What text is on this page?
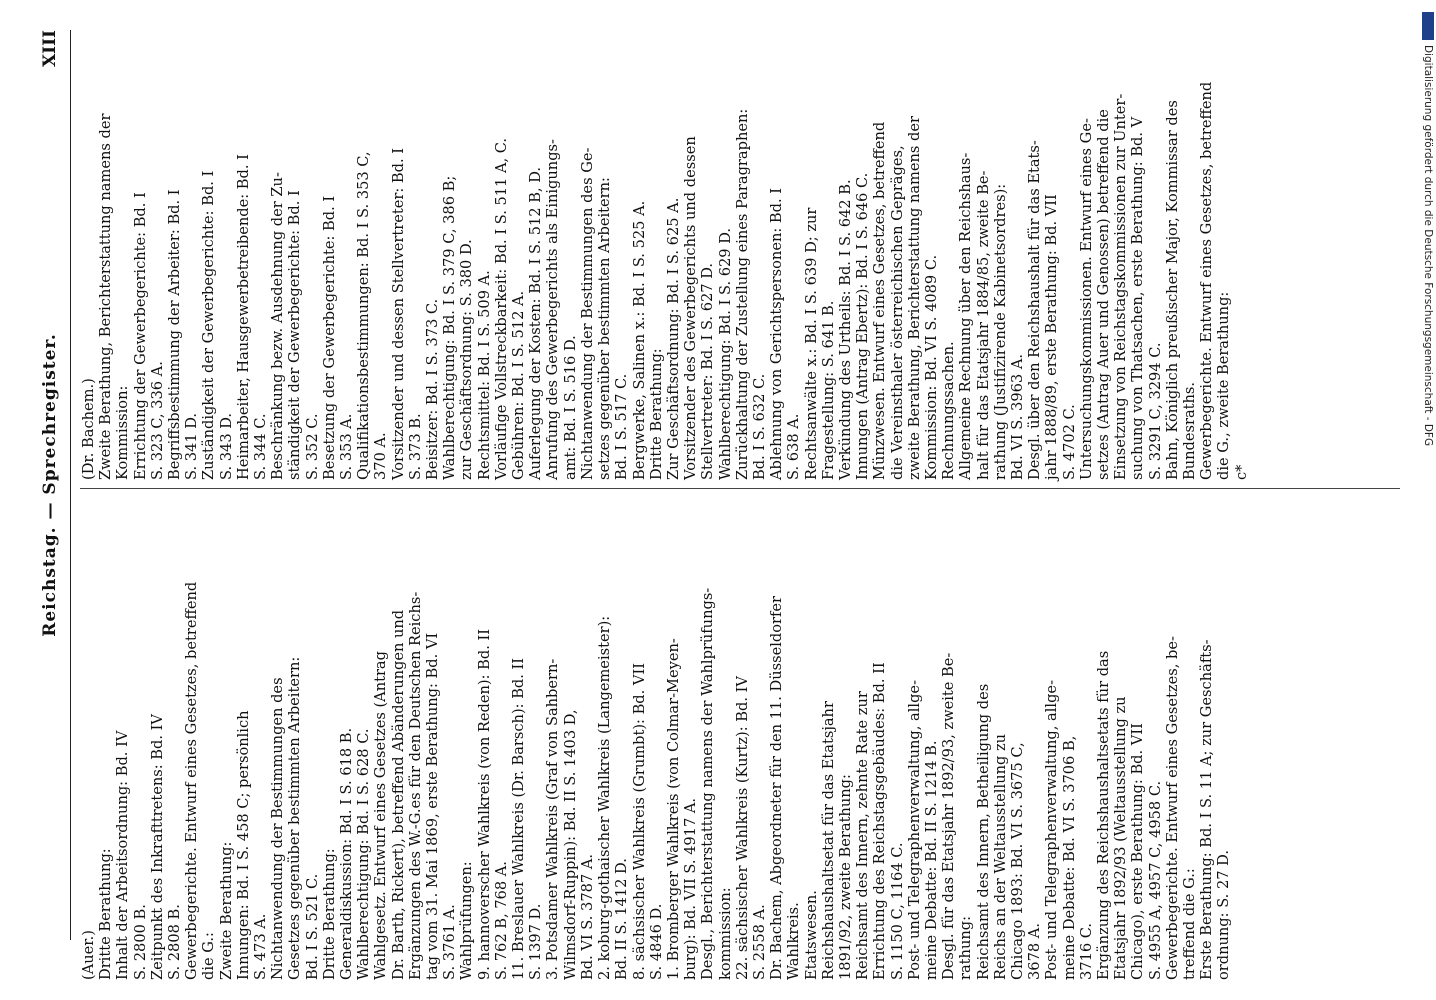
Reichstag. — Sprechregister.
XIII
(Auer.) Dritte Berathung: Inhalt der Arbeitsordnung: Bd. IV S. 2800 B. Zeitpunkt des Inkrafttretens: Bd. IV S. 2808 B. Gewerbegerichte. Entwurf eines Gesetzes, betreffend die G.: Zweite Berathung: Innungen: Bd. I S. 458 C; persönlich S. 473 A. Nichtanwendung der Bestimmungen des Gesetzes gegenüber bestimmten Arbeitern: Bd. I S. 521 C. Dritte Berathung: Generaldiskussion: Bd. I S. 618 B. Wahlberechtigung: Bd. I S. 628 C. Wahlgesetz. Entwurf eines Gesetzes (Antrag Dr. Barth, Rickert), betreffend Abänderungen und Ergänzungen des W.-G.es für den Deutschen Reichs- tag vom 31. Mai 1869, erste Berathung: Bd. VI S. 3761 A. Wahlprüfungen: 9. hannoverscher Wahlkreis (von Reden): Bd. II S. 762 B, 768 A. 11. Breslauer Wahlkreis (Dr. Barsch): Bd. II S. 1397 D. 3. Potsdamer Wahlkreis (Graf von Sahbern- Wilmsdorf-Ruppin): Bd. II S. 1403 D, Bd. VI S. 3787 A. 2. koburg-gothaischer Wahlkreis (Langemeister): Bd. II S. 1412 D. 8. sächsischer Wahlkreis (Grumbt): Bd. VII S. 4846 D. 1. Bromberger Wahlkreis (von Colmar-Meyen- burg): Bd. VII S. 4917 A. Desgl., Berichterstattung namens der Wahlprüfungs- kommission: 22. sächsischer Wahlkreis (Kurtz): Bd. IV S. 2558 A. Dr. Bachem, Abgeordneter für den 11. Düsseldorfer Wahlkreis. Etatswesen. Reichshaushaltsetat für das Etatsjahr 1891/92, zweite Berathung: Reichsamt des Innern, zehnte Rate zur Errichtung des Reichstagsgebäudes: Bd. II S. 1150 C, 1164 C. Post- und Telegraphenverwaltung, allge- meine Debatte: Bd. II S. 1214 B. Desgl. für das Etatsjahr 1892/93, zweite Be- rathung: Reichsamt des Innern, Betheiligung des Reichs an der Weltausstellung zu Chicago 1893: Bd. VI S. 3675 C, 3678 A. Post- und Telegraphenverwaltung, allge- meine Debatte: Bd. VI S. 3706 B, 3716 C. Ergänzung des Reichshaushaltsetats für das Etatsjahr 1892/93 (Weltausstellung zu Chicago), erste Berathung: Bd. VII S. 4955 A, 4957 C, 4958 C. Gewerbegerichte. Entwurf eines Gesetzes, be- treffend die G.: Erste Berathung: Bd. I S. 11 A; zur Geschäfts- ordnung: S. 27 D.
(Dr. Bachem.) Zweite Berathung, Berichterstattung namens der Kommission: Errichtung der Gewerbegerichte: Bd. I S. 323 C, 336 A. Begriffsbestimmung der Arbeiter: Bd. I S. 341 D. Zuständigkeit der Gewerbegerichte: Bd. I S. 343 D. Heimarbeiter, Hausgewerbetreibende: Bd. I S. 344 C. Beschränkung bezw. Ausdehnung der Zu- ständigkeit der Gewerbegerichte: Bd. I S. 352 C. Besetzung der Gewerbegerichte: Bd. I S. 353 A. Qualifikationsbestimmungen: Bd. I S. 353 C, 370 A. Vorsitzender und dessen Stellvertreter: Bd. I S. 373 B. Beisitzer: Bd. I S. 373 C. Wahlberechtigung: Bd. I S. 379 C, 386 B; zur Geschäftsordnung: S. 380 D. Rechtsmittel: Bd. I S. 509 A. Vorläufige Vollstreckbarkeit: Bd. I S. 511 A, C. Gebühren: Bd. I S. 512 A. Auferlegung der Kosten: Bd. I S. 512 B, D. Anrufung des Gewerbegerichts als Einigungs- amt: Bd. I S. 516 D. Nichtanwendung der Bestimmungen des Ge- setzes gegenüber bestimmten Arbeitern: Bd. I S. 517 C. Bergwerke, Salinen x.: Bd. I S. 525 A. Dritte Berathung: Zur Geschäftsordnung: Bd. I S. 625 A. Vorsitzender des Gewerbegerichts und dessen Stellvertreter: Bd. I S. 627 D. Wahlberechtigung: Bd. I S. 629 D. Zurückhaltung der Zustellung eines Paragraphen: Bd. I S. 632 C. Ablehnung von Gerichtspersonen: Bd. I S. 638 A. Rechtsanwälte x.: Bd. I S. 639 D; zur Fragestellung: S. 641 B. Verkündung des Urtheils: Bd. I S. 642 B. Innungen (Antrag Ebertz): Bd. I S. 646 C. Münzwesen. Entwurf eines Gesetzes, betreffend die Vereinsthaler österreichischen Gepräges, zweite Berathung, Berichterstattung namens der Kommission: Bd. VI S. 4089 C. Rechnungssachen. Allgemeine Rechnung über den Reichshaus- halt für das Etatsjahr 1884/85, zweite Be- rathung (Justifizirende Kabinetsordres): Bd. VI S. 3963 A. Desgl. über den Reichshaushalt für das Etats- jahr 1888/89, erste Berathung: Bd. VII S. 4702 C. Untersuchungskommissionen. Entwurf eines Ge- setzes (Antrag Auer und Genossen) betreffend die Einsetzung von Reichstagskommissionen zur Unter- suchung von Thatsachen, erste Berathung: Bd. V S. 3291 C, 3294 C. Bahn, Königlich preußischer Major, Kommissar des Bundesraths. Gewerbegerichte. Entwurf eines Gesetzes, betreffend die G., zweite Berathung: c*
Digitalisierung gefördert durch die Deutsche Forschungsgemeinschaft - DFG
